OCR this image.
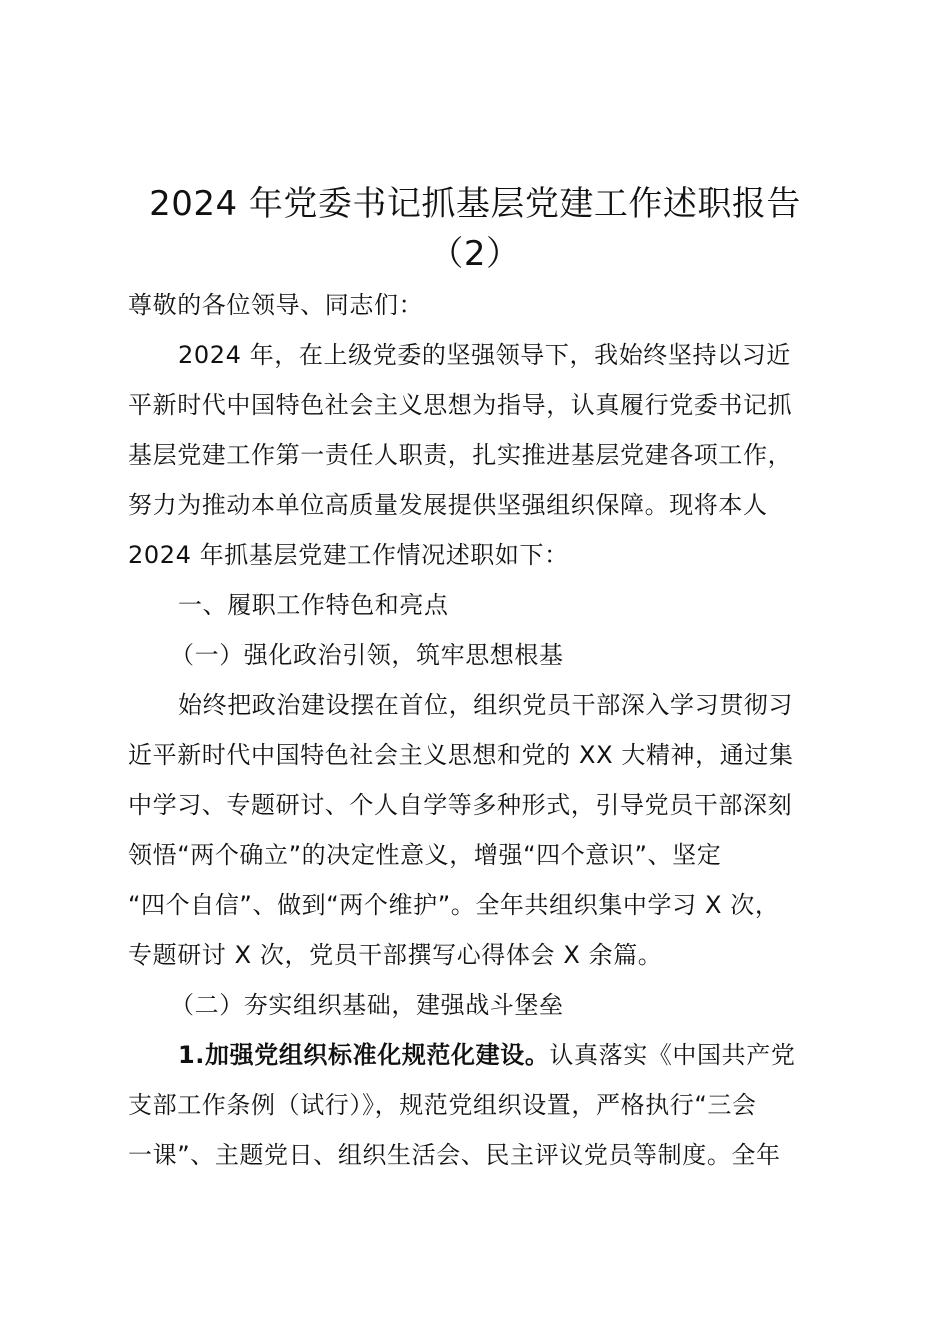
2024 年党委书记抓基层党建工作述职报告
（2）
尊敬的各位领导、同志们：
2024 年，在上级党委的坚强领导下，我始终坚持以习近
平新时代中国特色社会主义思想为指导，认真履行党委书记抓
基层党建工作第一责任人职责，扎实推进基层党建各项工作，
努力为推动本单位高质量发展提供坚强组织保障。现将本人
2024 年抓基层党建工作情况述职如下：
一、履职工作特色和亮点
（一）强化政治引领，筑牢思想根基
始终把政治建设摆在首位，组织党员干部深入学习贯彻习
近平新时代中国特色社会主义思想和党的 XX 大精神，通过集
中学习、专题研讨、个人自学等多种形式，引导党员干部深刻
领悟“两个确立”的决定性意义，增强“四个意识”、坚定
“四个自信”、做到“两个维护”。全年共组织集中学习 X 次，
专题研讨 X 次，党员干部撰写心得体会 X 余篇。
（二）夯实组织基础，建强战斗堡垒
1.加强党组织标准化规范化建设。认真落实《中国共产党
支部工作条例（试行）》，规范党组织设置，严格执行“三会
一课”、主题党日、组织生活会、民主评议党员等制度。全年
